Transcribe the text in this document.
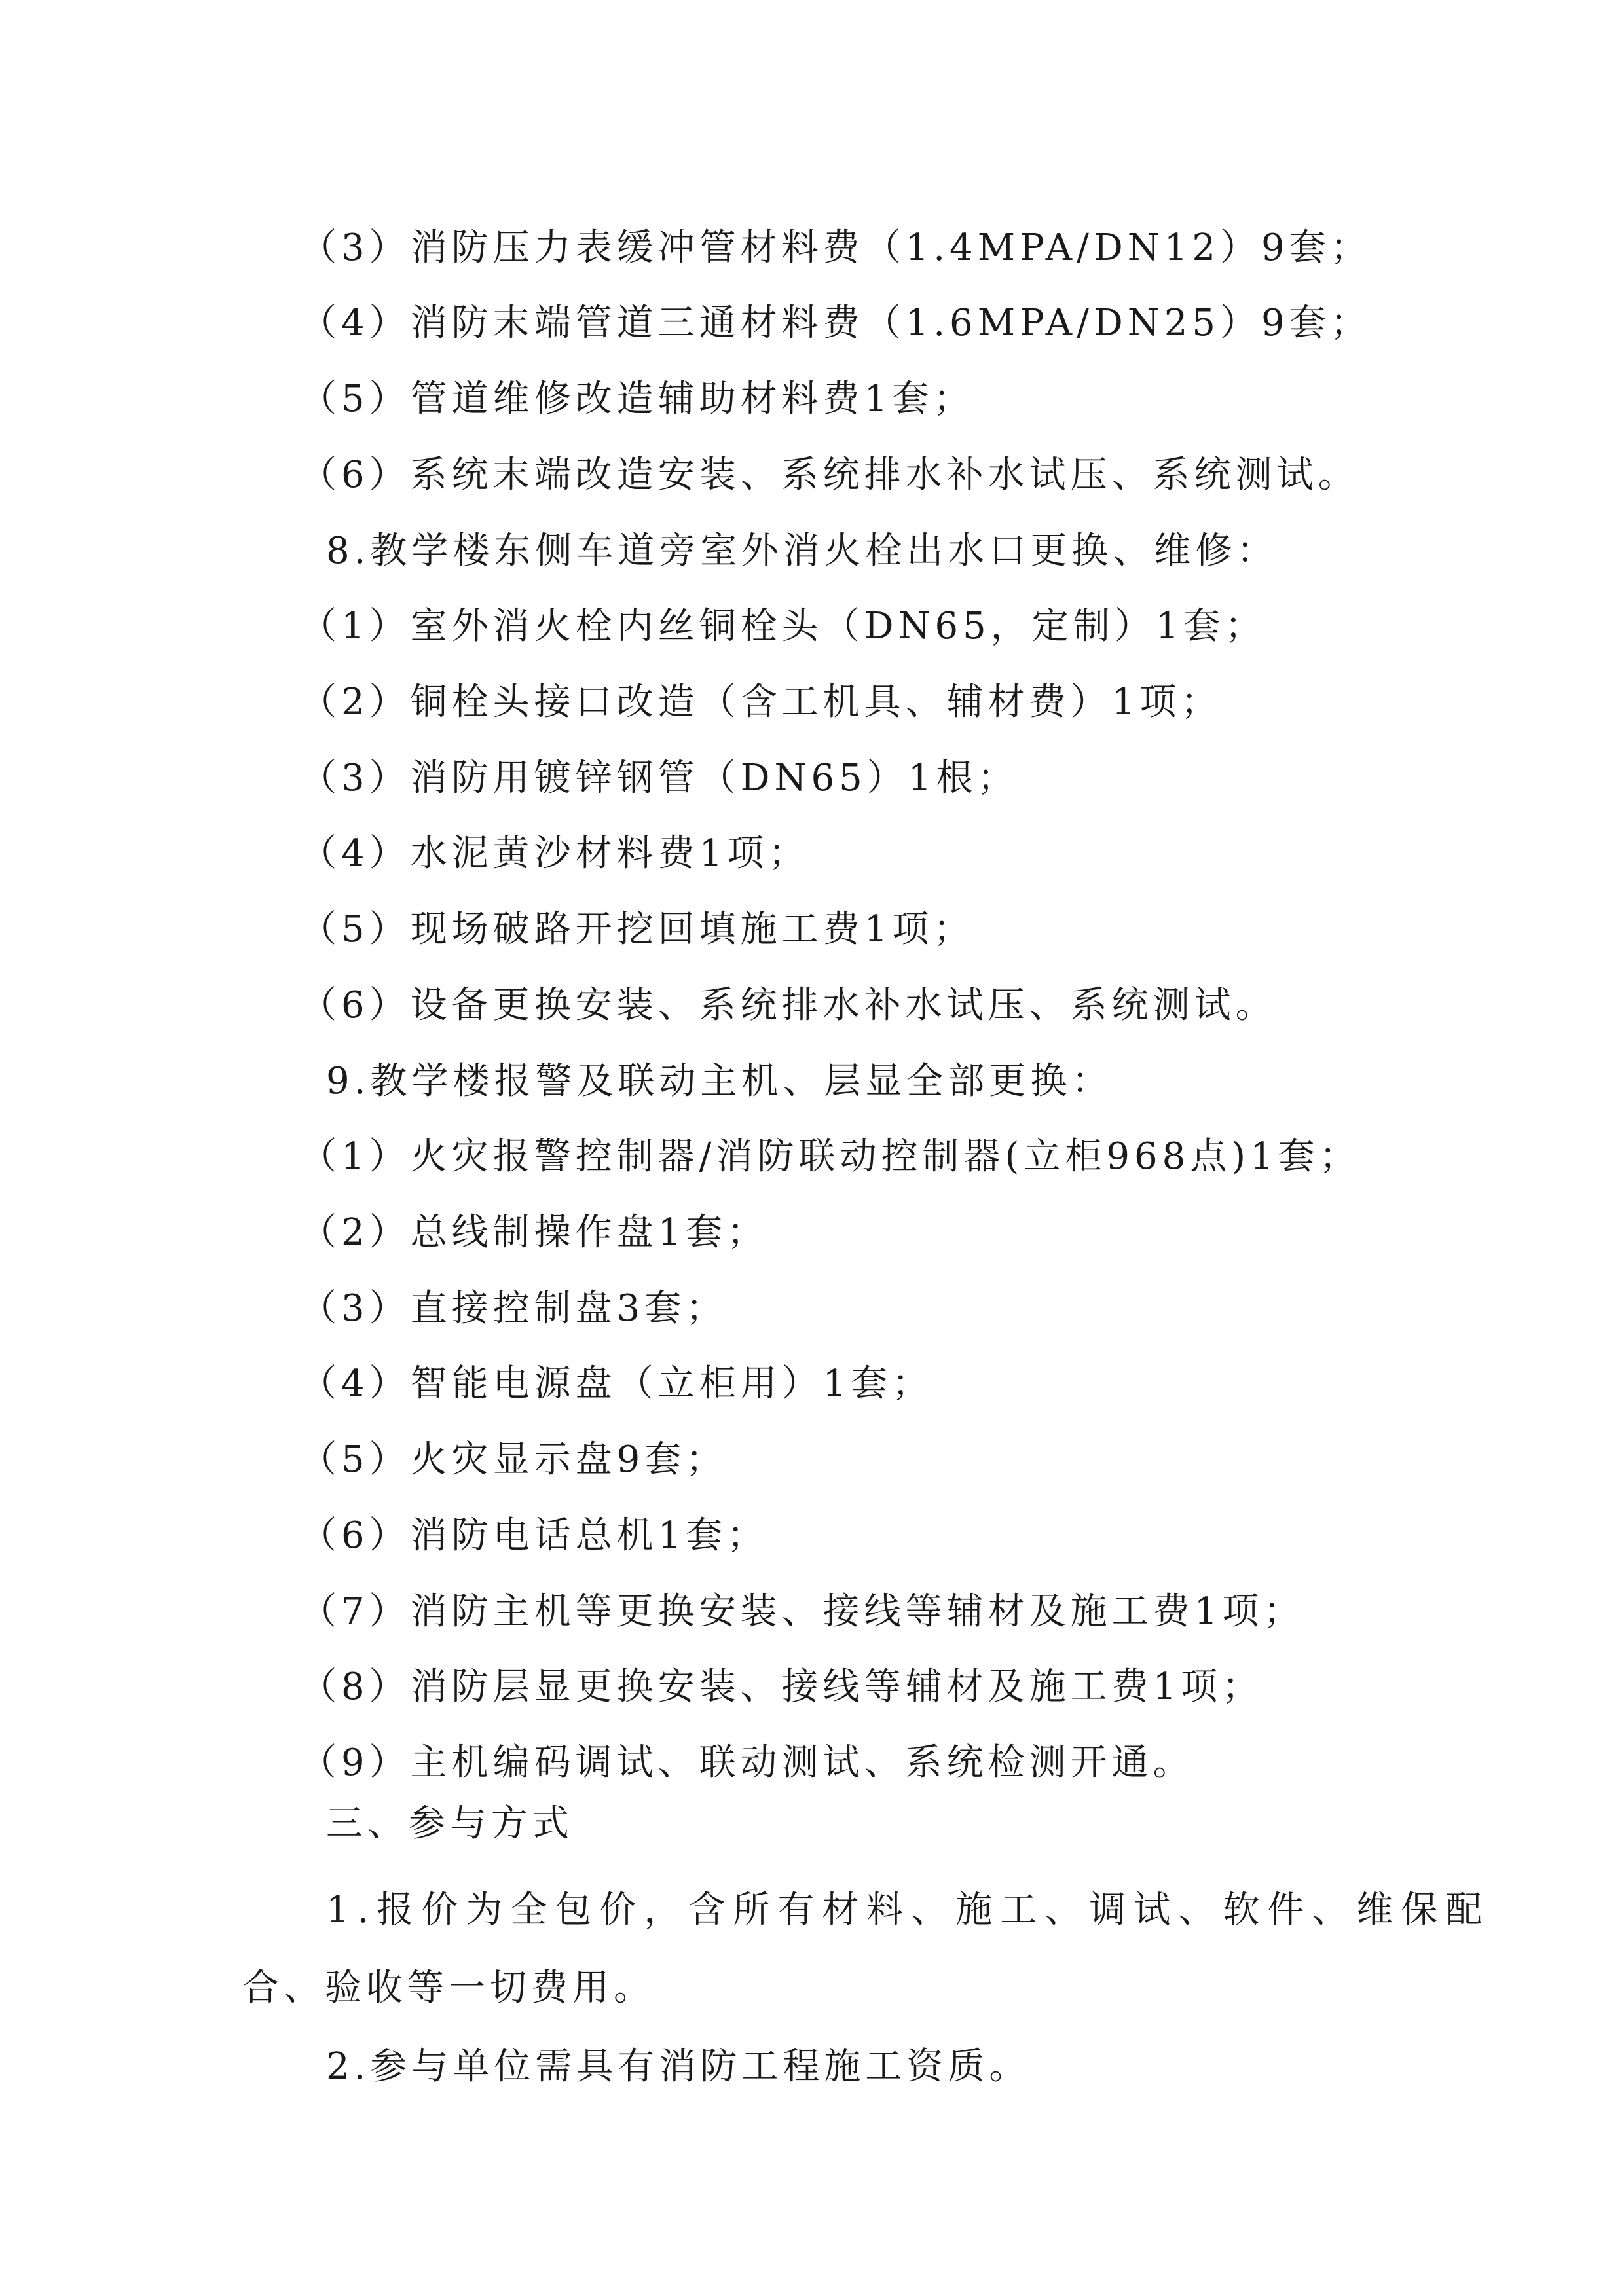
（3）消防压力表缓冲管材料费（1.4MPA/DN12）9套；
（4）消防末端管道三通材料费（1.6MPA/DN25）9套；
（5）管道维修改造辅助材料费1套；
（6）系统末端改造安装、系统排水补水试压、系统测试。
8.教学楼东侧车道旁室外消火栓出水口更换、维修：
（1）室外消火栓内丝铜栓头（DN65，定制）1套；
（2）铜栓头接口改造（含工机具、辅材费）1项；
（3）消防用镀锌钢管（DN65）1根；
（4）水泥黄沙材料费1项；
（5）现场破路开挖回填施工费1项；
（6）设备更换安装、系统排水补水试压、系统测试。
9.教学楼报警及联动主机、层显全部更换：
（1）火灾报警控制器/消防联动控制器(立柜968点)1套；
（2）总线制操作盘1套；
（3）直接控制盘3套；
（4）智能电源盘（立柜用）1套；
（5）火灾显示盘9套；
（6）消防电话总机1套；
（7）消防主机等更换安装、接线等辅材及施工费1项；
（8）消防层显更换安装、接线等辅材及施工费1项；
（9）主机编码调试、联动测试、系统检测开通。
三、参与方式
1.报价为全包价，含所有材料、施工、调试、软件、维保配
合、验收等一切费用。
2.参与单位需具有消防工程施工资质。
